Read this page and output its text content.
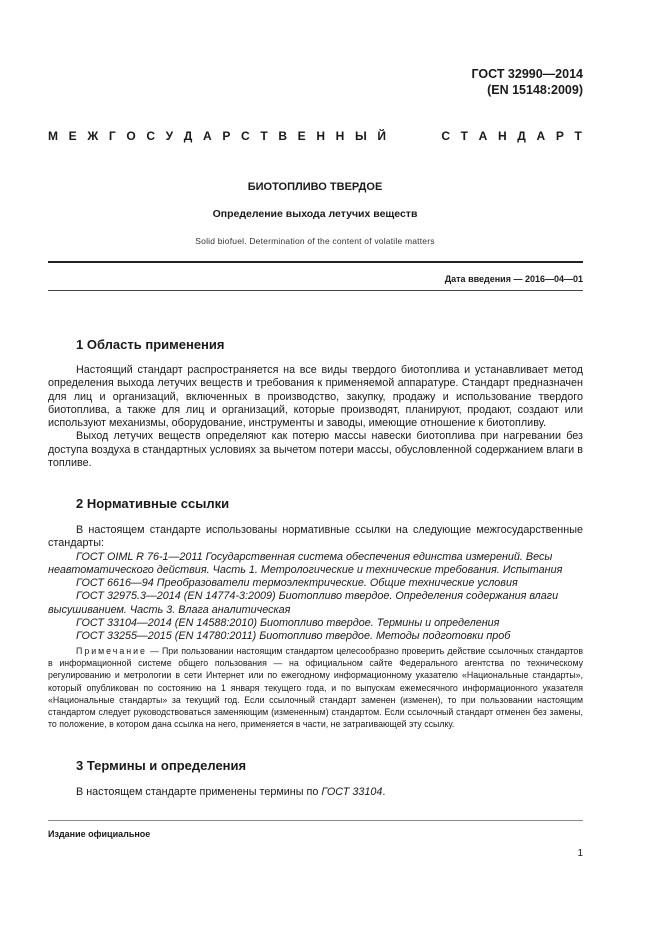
ГОСТ 32990—2014
(EN 15148:2009)
М Е Ж Г О С У Д А Р С Т В Е Н Н Ы Й	С Т А Н Д А Р Т
БИОТОПЛИВО ТВЕРДОЕ
Определение выхода летучих веществ
Solid biofuel. Determination of the content of volatile matters
Дата введения — 2016—04—01
1 Область применения

Настоящий стандарт распространяется на все виды твердого биотоплива и устанавливает метод определения выхода летучих веществ и требования к применяемой аппаратуре. Стандарт предназначен для лиц и организаций, включенных в производство, закупку, продажу и использование твердого биотоплива, а также для лиц и организаций, которые производят, планируют, продают, создают или используют механизмы, оборудование, инструменты и заводы, имеющие отношение к биотопливу.

Выход летучих веществ определяют как потерю массы навески биотоплива при нагревании без доступа воздуха в стандартных условиях за вычетом потери массы, обусловленной содержанием влаги в топливе.

2 Нормативные ссылки

В настоящем стандарте использованы нормативные ссылки на следующие межгосударственные стандарты:

ГОСТ OIML R 76-1—2011 Государственная система обеспечения единства измерений. Весы неавтоматического действия. Часть 1. Метрологические и технические требования. Испытания

ГОСТ 6616—94 Преобразователи термоэлектрические. Общие технические условия

ГОСТ 32975.3—2014 (EN 14774-3:2009) Биотопливо твердое. Определения содержания влаги высушиванием. Часть 3. Влага аналитическая

ГОСТ 33104—2014 (EN 14588:2010) Биотопливо твердое. Термины и определения

ГОСТ 33255—2015 (EN 14780:2011) Биотопливо твердое. Методы подготовки проб

Примечание — При пользовании настоящим стандартом целесообразно проверить действие ссылочных стандартов в информационной системе общего пользования — на официальном сайте Федерального агентства по техническому регулированию и метрологии в сети Интернет или по ежегодному информационному указателю «Национальные стандарты», который опубликован по состоянию на 1 января текущего года, и по выпускам ежемесячного информационного указателя «Национальные стандарты» за текущий год. Если ссылочный стандарт заменен (изменен), то при пользовании настоящим стандартом следует руководствоваться заменяющим (измененным) стандартом. Если ссылочный стандарт отменен без замены, то положение, в котором дана ссылка на него, применяется в части, не затрагивающей эту ссылку.

3 Термины и определения

В настоящем стандарте применены термины по ГОСТ 33104.

Издание официальное
1
